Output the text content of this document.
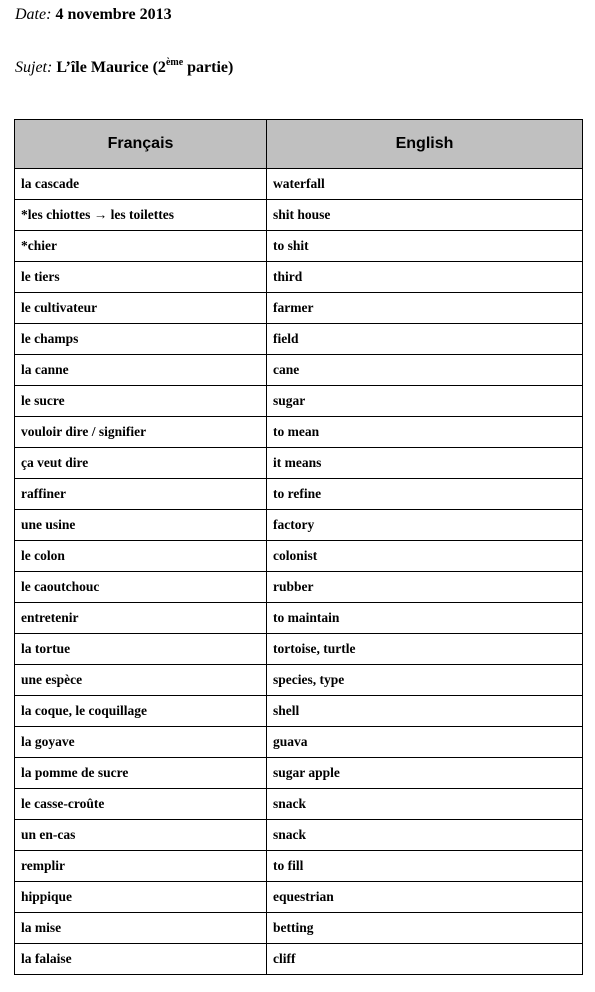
Date: 4 novembre 2013
Sujet: L’île Maurice (2ème partie)
Français	English
la cascade	waterfall
*les chiottes → les toilettes	shit house
*chier	to shit
le tiers	third
le cultivateur	farmer
le champs	field
la canne	cane
le sucre	sugar
vouloir dire / signifier	to mean
ça veut dire	it means
raffiner	to refine
une usine	factory
le colon	colonist
le caoutchouc	rubber
entretenir	to maintain
la tortue	tortoise, turtle
une espèce	species, type
la coque, le coquillage	shell
la goyave	guava
la pomme de sucre	sugar apple
le casse-croûte	snack
un en-cas	snack
remplir	to fill
hippique	equestrian
la mise	betting
la falaise	cliff
